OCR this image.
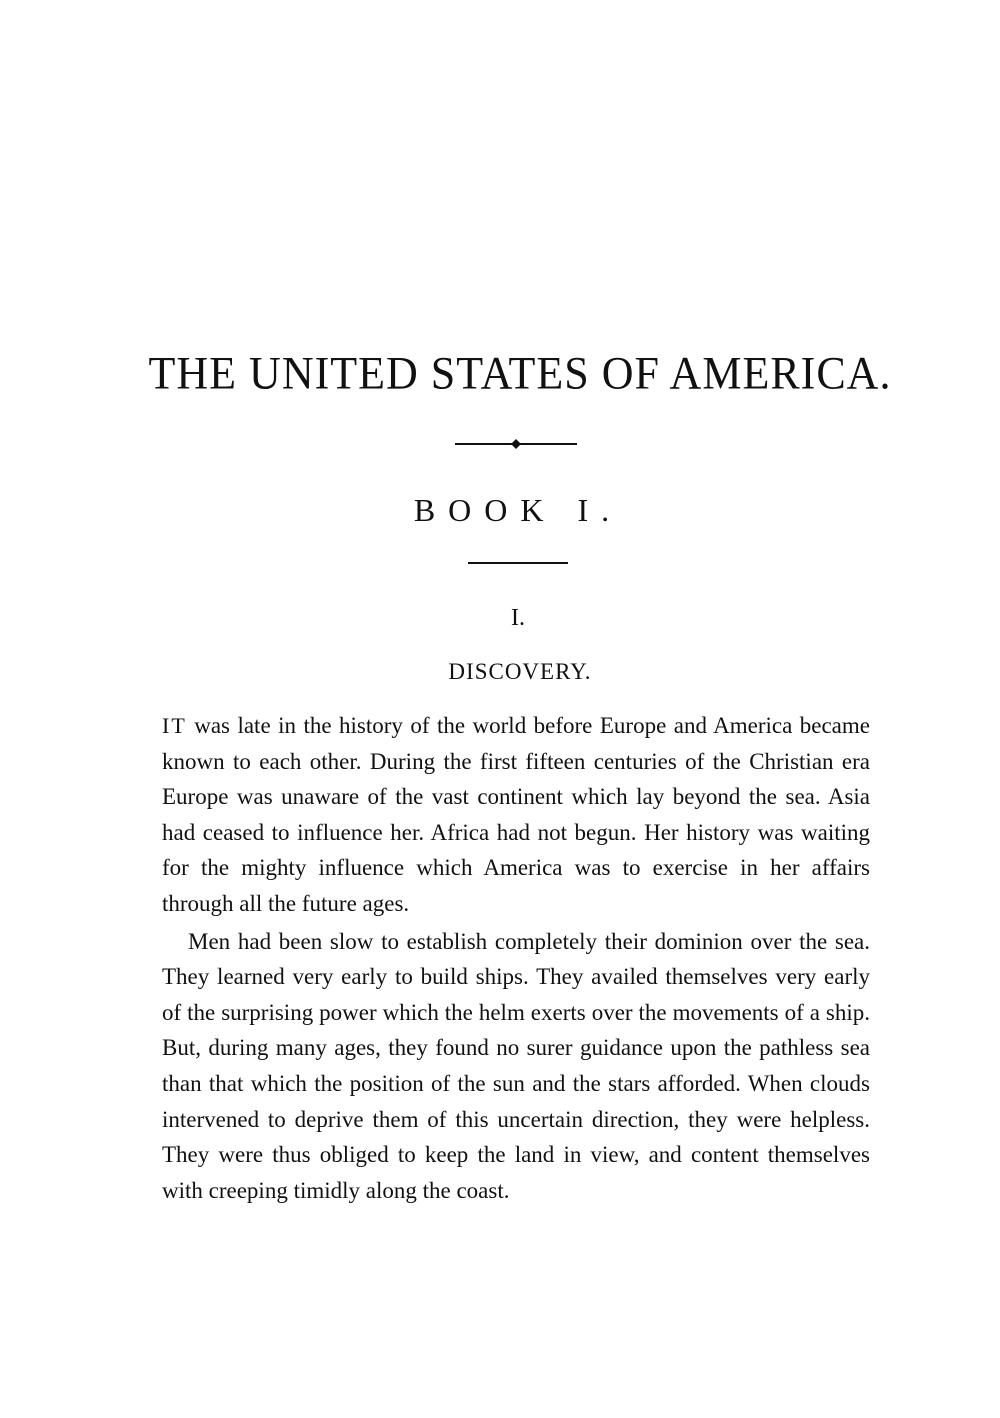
THE UNITED STATES OF AMERICA.
BOOK I.
I.
DISCOVERY.

IT was late in the history of the world before Europe and America became known to each other. During the first fifteen centuries of the Christian era Europe was unaware of the vast continent which lay beyond the sea. Asia had ceased to influence her. Africa had not begun. Her history was waiting for the mighty influence which America was to exercise in her affairs through all the future ages.

Men had been slow to establish completely their dominion over the sea. They learned very early to build ships. They availed themselves very early of the surprising power which the helm exerts over the movements of a ship. But, during many ages, they found no surer guidance upon the pathless sea than that which the position of the sun and the stars afforded. When clouds intervened to deprive them of this uncertain direction, they were helpless. They were thus obliged to keep the land in view, and content themselves with creeping timidly along the coast.
